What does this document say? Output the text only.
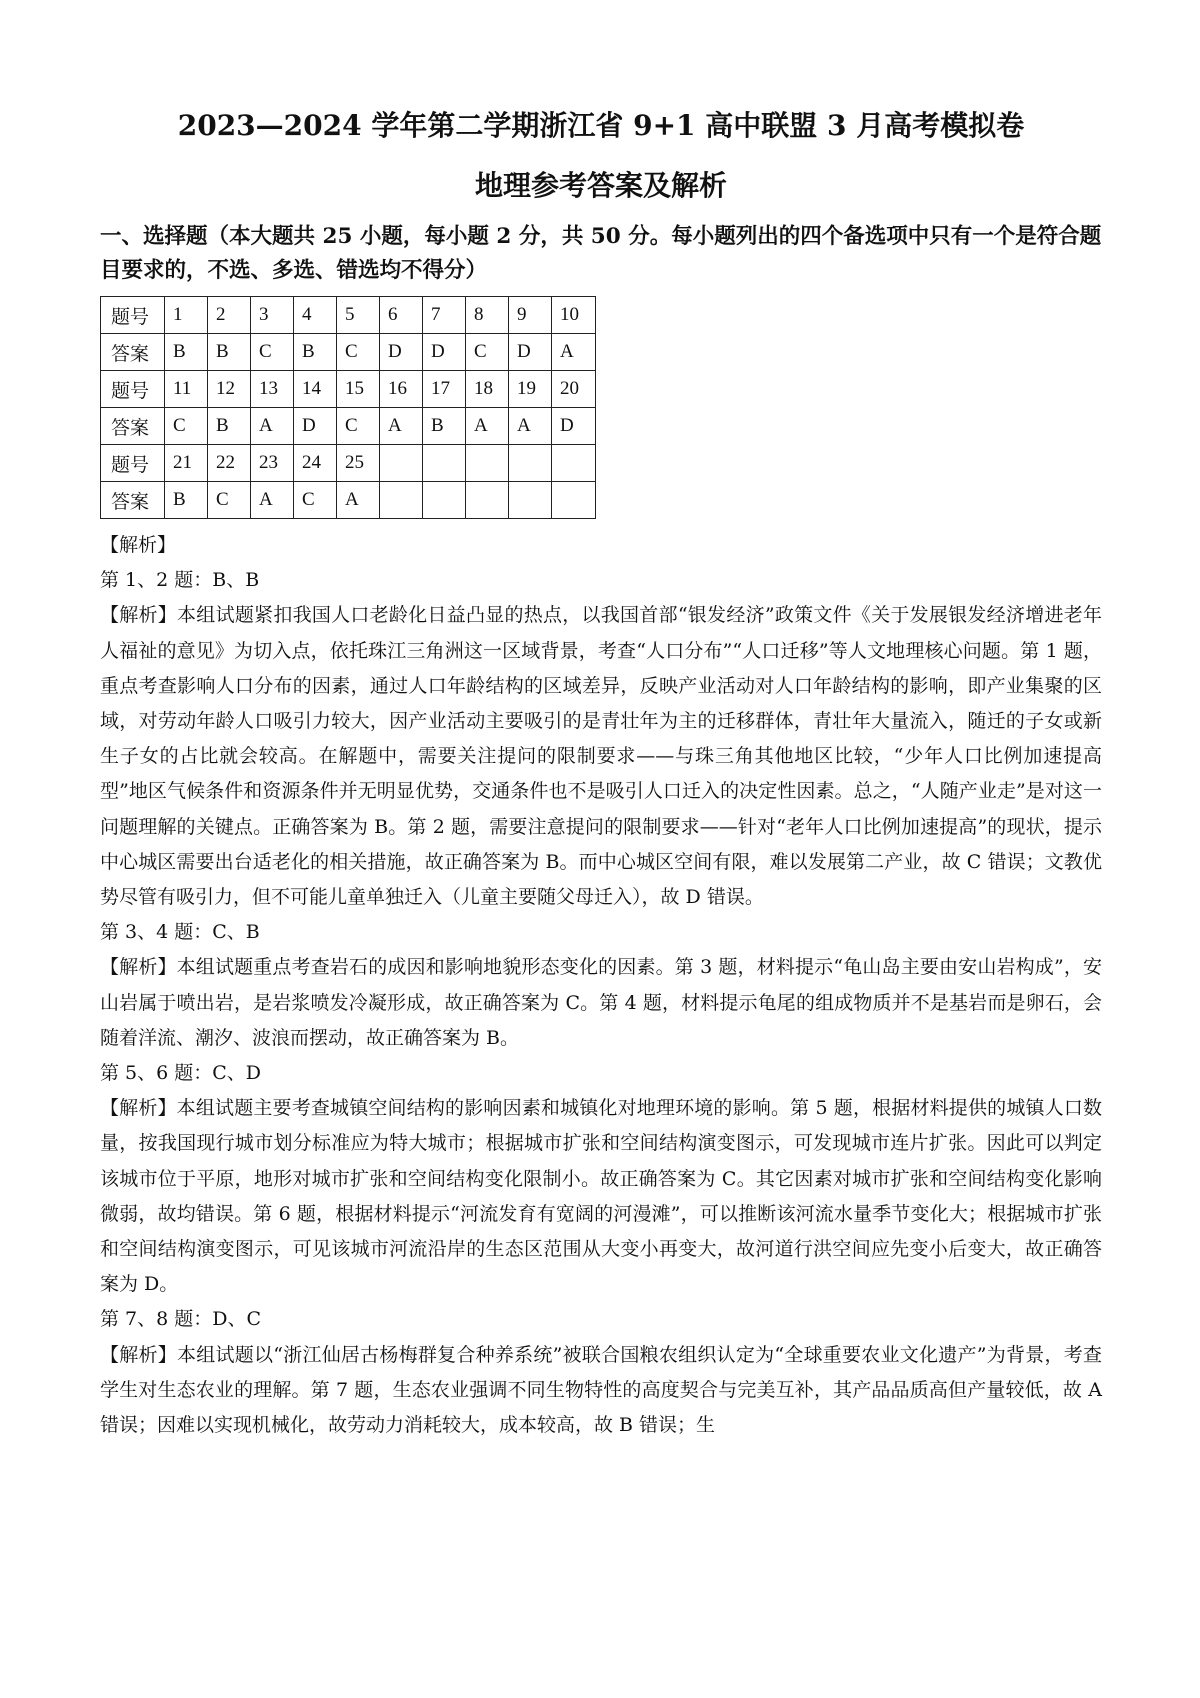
2023—2024 学年第二学期浙江省 9+1 高中联盟 3 月高考模拟卷
地理参考答案及解析

一、选择题（本大题共 25 小题，每小题 2 分，共 50 分。每小题列出的四个备选项中只有一个是符合题目要求的，不选、多选、错选均不得分）

题号	1	2	3	4	5	6	7	8	9	10
答案	B	B	C	B	C	D	D	C	D	A
题号	11	12	13	14	15	16	17	18	19	20
答案	C	B	A	D	C	A	B	A	A	D
题号	21	22	23	24	25					
答案	B	C	A	C	A					

【解析】

第 1、2 题：B、B

【解析】本组试题紧扣我国人口老龄化日益凸显的热点，以我国首部“银发经济”政策文件《关于发展银发经济增进老年人福祉的意见》为切入点，依托珠江三角洲这一区域背景，考查“人口分布”“人口迁移”等人文地理核心问题。第 1 题，重点考查影响人口分布的因素，通过人口年龄结构的区域差异，反映产业活动对人口年龄结构的影响，即产业集聚的区域，对劳动年龄人口吸引力较大，因产业活动主要吸引的是青壮年为主的迁移群体，青壮年大量流入，随迁的子女或新生子女的占比就会较高。在解题中，需要关注提问的限制要求——与珠三角其他地区比较，“少年人口比例加速提高型”地区气候条件和资源条件并无明显优势，交通条件也不是吸引人口迁入的决定性因素。总之，“人随产业走”是对这一问题理解的关键点。正确答案为 B。第 2 题，需要注意提问的限制要求——针对“老年人口比例加速提高”的现状，提示中心城区需要出台适老化的相关措施，故正确答案为 B。而中心城区空间有限，难以发展第二产业，故 C 错误；文教优势尽管有吸引力，但不可能儿童单独迁入（儿童主要随父母迁入），故 D 错误。

第 3、4 题：C、B

【解析】本组试题重点考查岩石的成因和影响地貌形态变化的因素。第 3 题，材料提示“龟山岛主要由安山岩构成”，安山岩属于喷出岩，是岩浆喷发冷凝形成，故正确答案为 C。第 4 题，材料提示龟尾的组成物质并不是基岩而是卵石，会随着洋流、潮汐、波浪而摆动，故正确答案为 B。

第 5、6 题：C、D

【解析】本组试题主要考查城镇空间结构的影响因素和城镇化对地理环境的影响。第 5 题，根据材料提供的城镇人口数量，按我国现行城市划分标准应为特大城市；根据城市扩张和空间结构演变图示，可发现城市连片扩张。因此可以判定该城市位于平原，地形对城市扩张和空间结构变化限制小。故正确答案为 C。其它因素对城市扩张和空间结构变化影响微弱，故均错误。第 6 题，根据材料提示“河流发育有宽阔的河漫滩”，可以推断该河流水量季节变化大；根据城市扩张和空间结构演变图示，可见该城市河流沿岸的生态区范围从大变小再变大，故河道行洪空间应先变小后变大，故正确答案为 D。

第 7、8 题：D、C

【解析】本组试题以“浙江仙居古杨梅群复合种养系统”被联合国粮农组织认定为“全球重要农业文化遗产”为背景，考查学生对生态农业的理解。第 7 题，生态农业强调不同生物特性的高度契合与完美互补，其产品品质高但产量较低，故 A 错误；因难以实现机械化，故劳动力消耗较大，成本较高，故 B 错误；生
